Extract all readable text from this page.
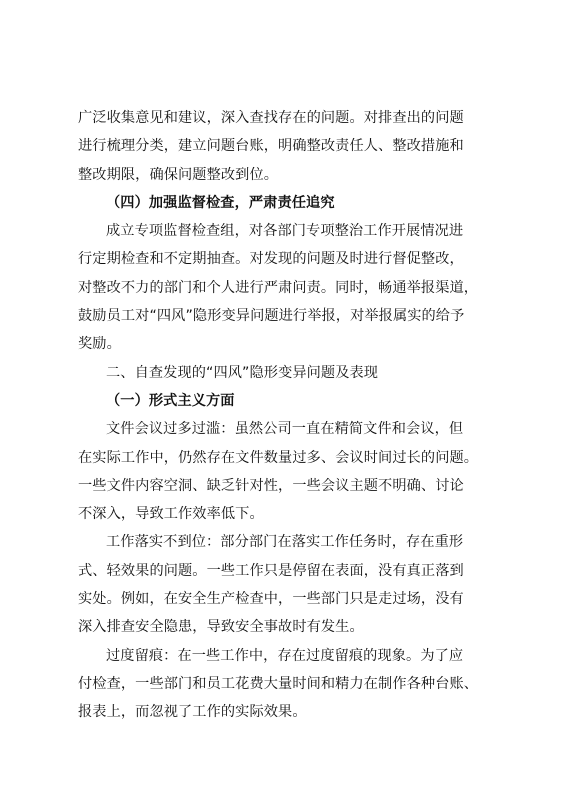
广泛收集意见和建议，深入查找存在的问题。对排查出的问题
进行梳理分类，建立问题台账，明确整改责任人、整改措施和
整改期限，确保问题整改到位。
（四）加强监督检查，严肃责任追究
成立专项监督检查组，对各部门专项整治工作开展情况进
行定期检查和不定期抽查。对发现的问题及时进行督促整改，
对整改不力的部门和个人进行严肃问责。同时，畅通举报渠道，
鼓励员工对“四风”隐形变异问题进行举报，对举报属实的给予
奖励。
二、自查发现的“四风”隐形变异问题及表现
（一）形式主义方面
文件会议过多过滥：虽然公司一直在精简文件和会议，但
在实际工作中，仍然存在文件数量过多、会议时间过长的问题。
一些文件内容空洞、缺乏针对性，一些会议主题不明确、讨论
不深入，导致工作效率低下。
工作落实不到位：部分部门在落实工作任务时，存在重形
式、轻效果的问题。一些工作只是停留在表面，没有真正落到
实处。例如，在安全生产检查中，一些部门只是走过场，没有
深入排查安全隐患，导致安全事故时有发生。
过度留痕：在一些工作中，存在过度留痕的现象。为了应
付检查，一些部门和员工花费大量时间和精力在制作各种台账、
报表上，而忽视了工作的实际效果。
